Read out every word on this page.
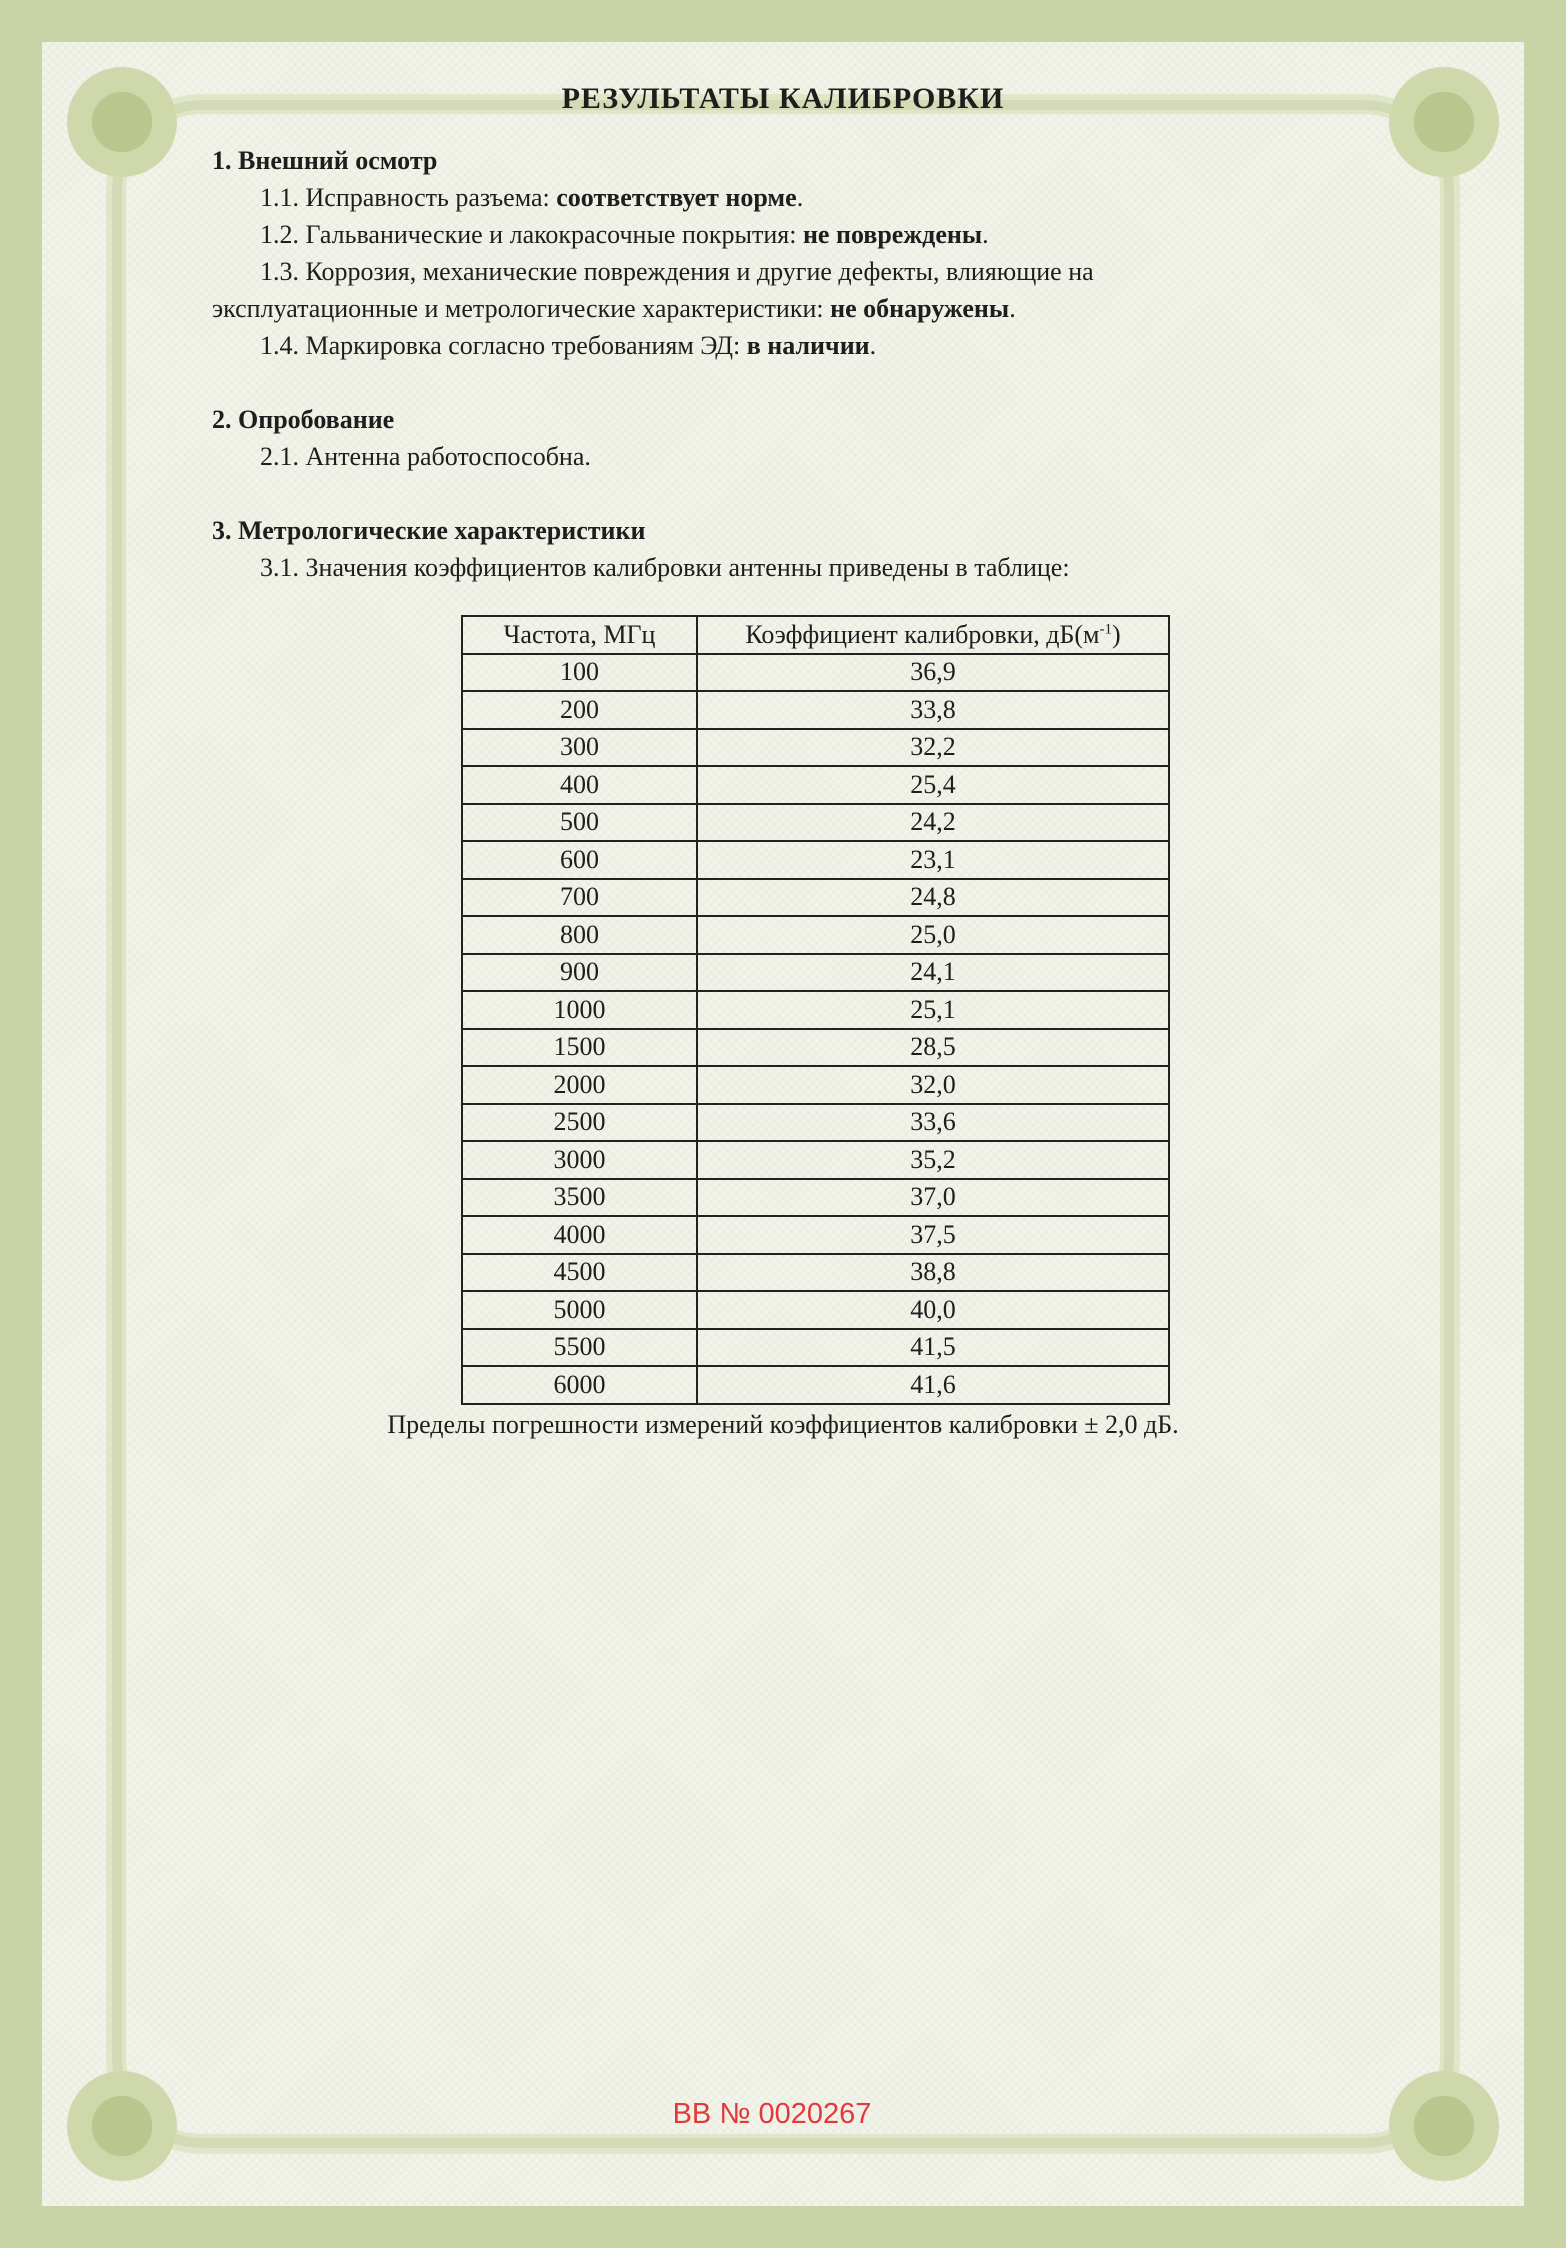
РЕЗУЛЬТАТЫ КАЛИБРОВКИ
1. Внешний осмотр
1.1. Исправность разъема: соответствует норме.
1.2. Гальванические и лакокрасочные покрытия: не повреждены.
1.3. Коррозия, механические повреждения и другие дефекты, влияющие на
эксплуатационные и метрологические характеристики: не обнаружены.
1.4. Маркировка согласно требованиям ЭД: в наличии.
2. Опробование
2.1. Антенна работоспособна.
3. Метрологические характеристики
3.1. Значения коэффициентов калибровки антенны приведены в таблице:
Частота, МГц	Коэффициент калибровки, $дБ(м^{-1})$
100	36,9
200	33,8
300	32,2
400	25,4
500	24,2
600	23,1
700	24,8
800	25,0
900	24,1
1000	25,1
1500	28,5
2000	32,0
2500	33,6
3000	35,2
3500	37,0
4000	37,5
4500	38,8
5000	40,0
5500	41,5
6000	41,6
Пределы погрешности измерений коэффициентов калибровки ± 2,0 дБ.
ВВ № 0020267
